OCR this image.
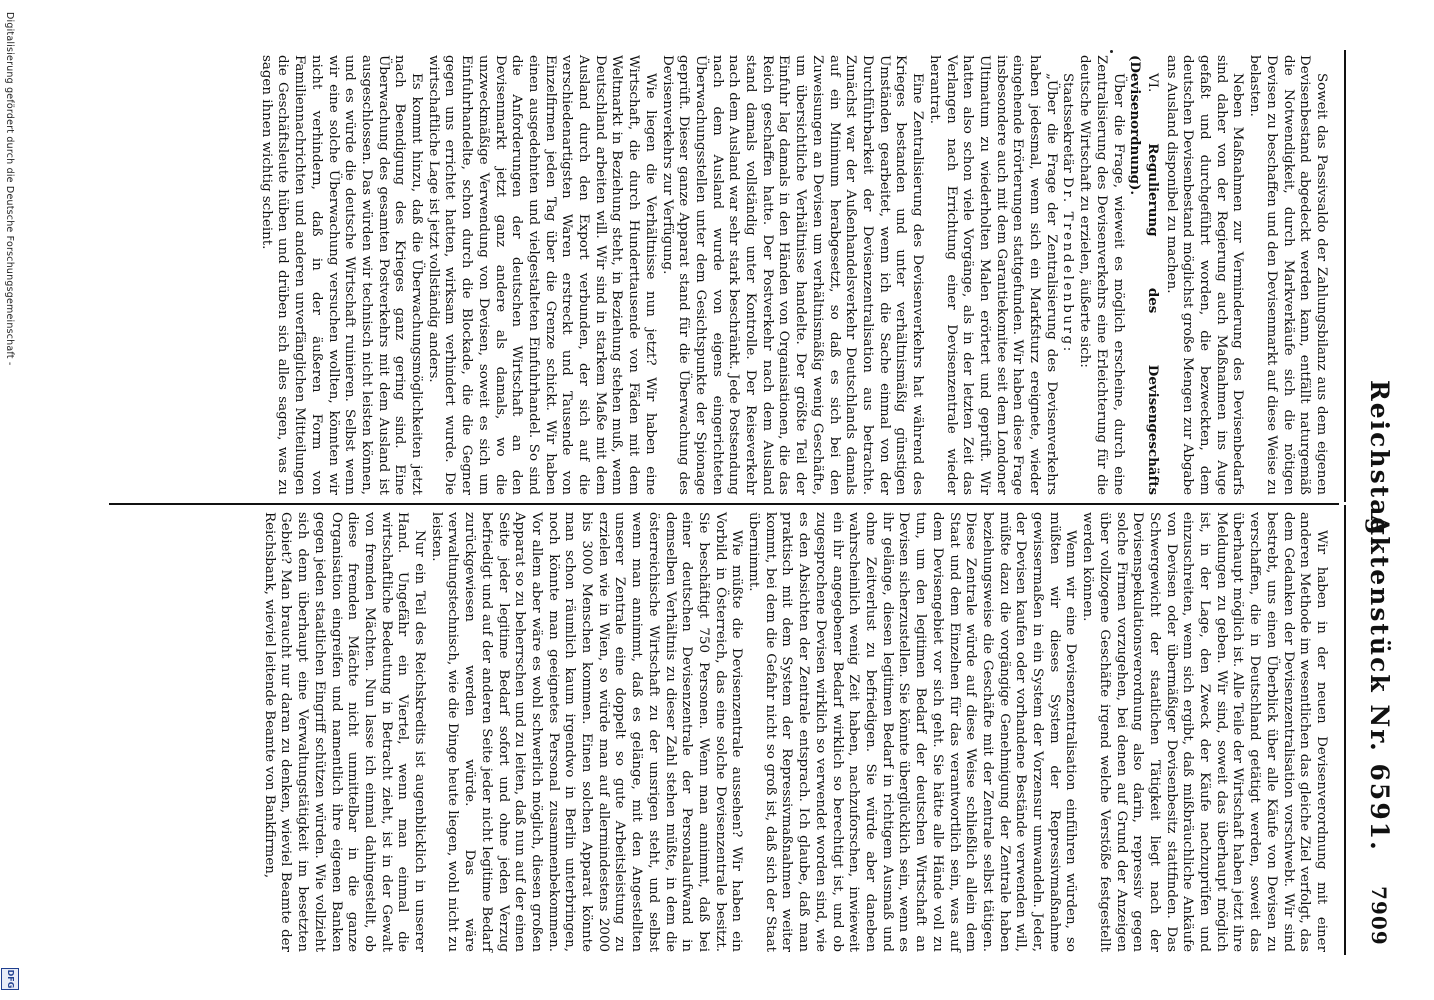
Reichstag.
Aktenstück Nr. 6591.
7909

Soweit das Passivsaldo der Zahlungsbilanz aus dem eigenen Devisenbestand abgedeckt werden kann, entfällt naturgemäß die Notwendigkeit, durch Markverkäufe sich die nötigen Devisen zu beschaffen und den Devisenmarkt auf diese Weise zu belasten.

Neben Maßnahmen zur Verminderung des Devisenbedarfs sind daher von der Regierung auch Maßnahmen ins Auge gefaßt und durchgeführt worden, die bezweckten, dem deutschen Devisenbestand möglichst große Mengen zur Abgabe ans Ausland disponibel zu machen.

VI. Regulierung des Devisengeschäfts (Devisenordnung).

Über die Frage, wieweit es möglich erscheine, durch eine Zentralisierung des Devisenverkehrs eine Erleichterung für die deutsche Wirtschaft zu erzielen, äußerte sich:

Staatssekretär Dr. Trendelenburg:

„Über die Frage der Zentralisierung des Devisenverkehrs haben jedesmal, wenn sich ein Markfsturz ereignete, wieder eingehende Erörterungen stattgefunden. Wir haben diese Frage insbesondere auch mit dem Garantiekomitee seit dem Londoner Ultimatum zu wiederholten Malen erörtert und geprüft. Wir hatten also schon viele Vorgänge, als in der letzten Zeit das Verlangen nach Errichtung einer Devisenzentrale wieder herantrat.

Eine Zentralisierung des Devisenverkehrs hat während des Krieges bestanden und unter verhältnismäßig günstigen Umständen gearbeitet, wenn ich die Sache einmal von der Durchführbarkeit der Devisenzentralisation aus betrachte. Zunächst war der Außenhandelsverkehr Deutschlands damals auf ein Minimum herabgesetzt, so daß es sich bei den Zuweisungen an Devisen um verhältnismäßig wenig Geschäfte, um übersichtliche Verhältnisse handelte. Der größte Teil der Einfuhr lag damals in den Händen von Organisationen, die das Reich geschaffen hatte. Der Postverkehr nach dem Ausland stand damals vollständig unter Kontrolle. Der Reiseverkehr nach dem Ausland war sehr stark beschränkt. Jede Postsendung nach dem Ausland wurde von eigens eingerichteten Überwachungsstellen unter dem Gesichtspunkte der Spionage geprüft. Dieser ganze Apparat stand für die Überwachung des Devisenverkehrs zur Verfügung.

Wie liegen die Verhältnisse nun jetzt? Wir haben eine Wirtschaft, die durch Hunderttausende von Fäden mit dem Weltmarkt in Beziehung steht, in Beziehung stehen muß, wenn Deutschland arbeiten will. Wir sind in starkem Maße mit dem Ausland durch den Export verbunden, der sich auf die verschiedenartigsten Waren erstreckt und Tausende von Einzelfirmen jeden Tag über die Grenze schickt. Wir haben einen ausgedehnten und vielgestalteten Einfuhrhandel. So sind die Anforderungen der deutschen Wirtschaft an den Devisenmarkt jetzt ganz andere als damals, wo die unzweckmäßige Verwendung von Devisen, soweit es sich um Einfuhrhandelte, schon durch die Blockade, die die Gegner gegen uns errichtet hatten, wirksam verhindert wurde. Die wirtschaftliche Lage ist jetzt vollständig anders.

Es kommt hinzu, daß die Überwachungsmöglichkeiten jetzt nach Beendigung des Krieges ganz gering sind. Eine Überwachung des gesamten Postverkehrs mit dem Ausland ist ausgeschlossen. Das würden wir technisch nicht leisten können, und es würde die deutsche Wirtschaft ruinieren. Selbst wenn wir eine solche Überwachung versuchen wollten, könnten wir nicht verhindern, daß in der äußeren Form von Familiennachrichten und anderen unverfänglichen Mitteilungen die Geschäftsleute hüben und drüben sich alles sagen, was zu sagen ihnen wichtig scheint.

Wir haben in der neuen Devisenverordnung mit einer anderen Methode im wesentlichen das gleiche Ziel verfolgt, das dem Gedanken der Devisenzentralisation vorschwebt. Wir sind bestrebt, uns einen Überblick über alle Käufe von Devisen zu verschaffen, die in Deutschland getätigt werden, soweit das überhaupt möglich ist. Alle Teile der Wirtschaft haben jetzt ihre Meldungen zu geben. Wir sind, soweit das überhaupt möglich ist, in der Lage, den Zweck der Käufe nachzuprüfen und einzuschreiten, wenn sich ergibt, daß mißbräuchliche Ankäufe von Devisen oder übermäßiger Devisenbesitz stattfinden. Das Schwergewicht der staatlichen Tätigkeit liegt nach der Devisenspekulationsverordnung also darin, repressiv gegen solche Firmen vorzugehen, bei denen auf Grund der Anzeigen über vollzogene Geschäfte irgend welche Verstöße festgestellt werden können.

Wenn wir eine Devisenzentralisation einführen würden, so müßten wir dieses System der Repressivmaßnahme gewissermaßen in ein System der Vorzensur umwandeln. Jeder, der Devisen kaufen oder vorhandene Bestände verwenden will, müßte dazu die vorgängige Genehmigung der Zentrale haben beziehungsweise die Geschäfte mit der Zentrale selbst tätigen. Diese Zentrale würde auf diese Weise schließlich allein dem Staat und dem Einzelnen für das verantwortlich sein, was auf dem Devisengebiet vor sich geht. Sie hätte alle Hände voll zu tun, um den legitimen Bedarf der deutschen Wirtschaft an Devisen sicherzustellen. Sie könnte überglücklich sein, wenn es ihr gelänge, diesen legitimen Bedarf in richtigem Ausmaß und ohne Zeitverlust zu befriedigen. Sie würde aber daneben wahrscheinlich wenig Zeit haben, nachzuforschen, inwieweit ein ihr angegebener Bedarf wirklich so berechtigt ist, und ob zugesprochene Devisen wirklich so verwendet worden sind, wie es den Absichten der Zentrale entsprach. Ich glaube, daß man praktisch mit dem System der Repressivmaßnahmen weiter kommt, bei dem die Gefahr nicht so groß ist, daß sich der Staat übernimmt.

Wie müßte die Devisenzentrale aussehen? Wir haben ein Vorbild in Österreich, das eine solche Devisenzentrale besitzt. Sie beschäftigt 750 Personen. Wenn man annimmt, daß bei einer deutschen Devisenzentrale der Personalaufwand in demselben Verhältnis zu dieser Zahl stehen müßte, in dem die österreichische Wirtschaft zu der unsrigen steht, und selbst wenn man annimmt, daß es gelänge, mit den Angestellten unserer Zentrale eine doppelt so gute Arbeitsleistung zu erzielen wie in Wien, so würde man auf allermindestens 2000 bis 3000 Menschen kommen. Einen solchen Apparat könnte man schon räumlich kaum irgendwo in Berlin unterbringen, noch könnte man geeignetes Personal zusammenbekommen. Vor allem aber wäre es wohl schwerlich möglich, diesen großen Apparat so zu beherrschen und zu leiten, daß nun auf der einen Seite jeder legitime Bedarf sofort und ohne jeden Verzug befriedigt und auf der anderen Seite jeder nicht legitime Bedarf zurückgewiesen werden würde. Das wäre verwaltungstechnisch, wie die Dinge heute liegen, wohl nicht zu leisten.

Nur ein Teil des Reichskredits ist augenblicklich in unserer Hand. Ungefähr ein Viertel, wenn man einmal die wirtschaftliche Bedeutung in Betracht zieht, ist in der Gewalt von fremden Mächten. Nun lasse ich einmal dahingestellt, ob diese fremden Mächte nicht unmittelbar in die ganze Organisation eingreifen und namentlich ihre eigenen Banken gegen jeden staatlichen Eingriff schützen würden. Wie vollzieht sich denn überhaupt eine Verwaltungstätigkeit im besetzten Gebiet? Man braucht nur daran zu denken, wieviel Beamte der Reichsbank, wieviel leitende Beamte von Bankfirmen,

Digitalisierung gefördert durch die Deutsche Forschungsgemeinschaft -
DFG
